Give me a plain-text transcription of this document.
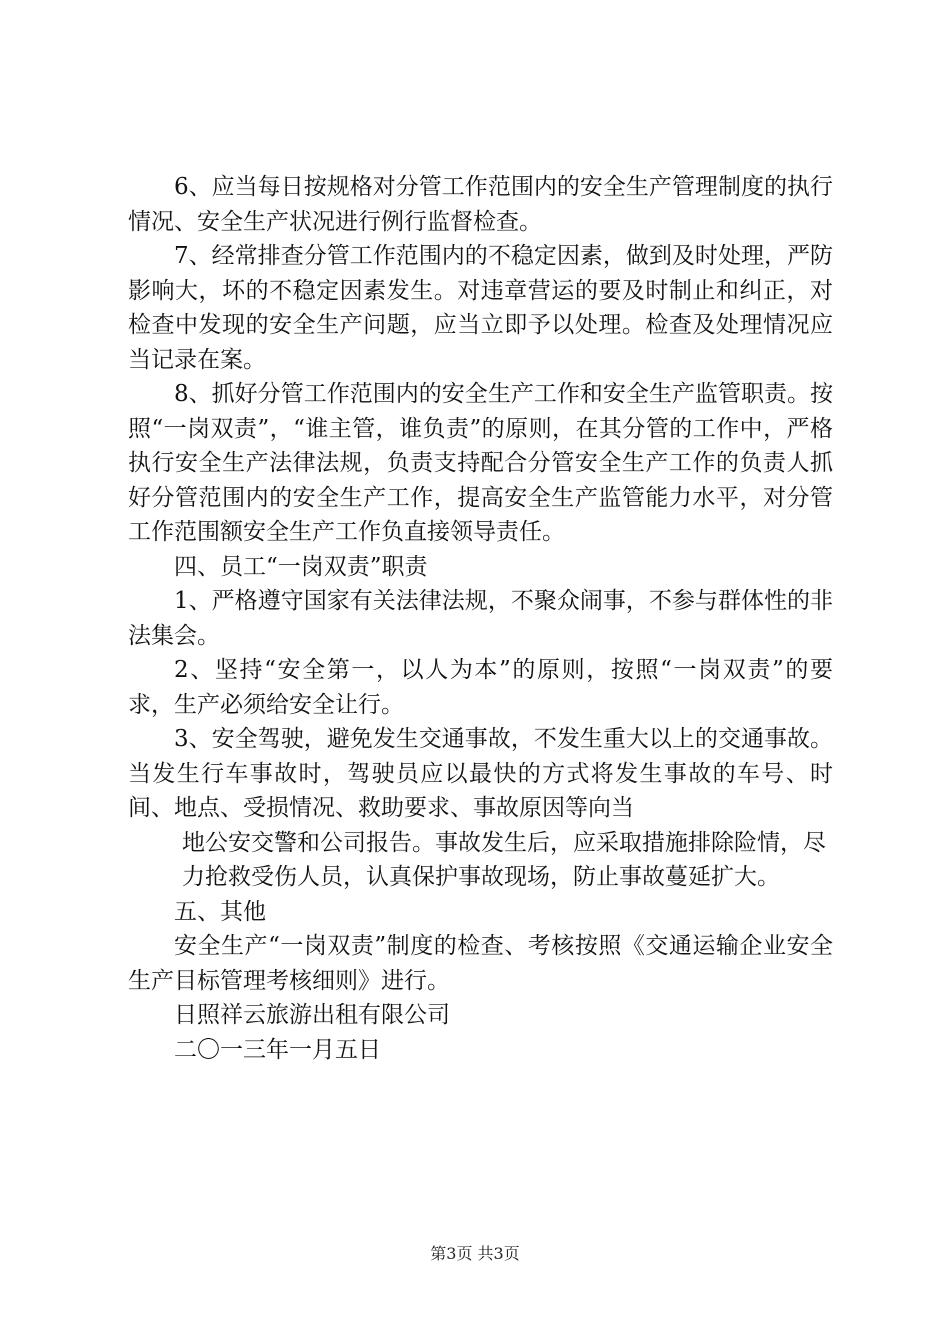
6、应当每日按规格对分管工作范围内的安全生产管理制度的执行情况、安全生产状况进行例行监督检查。

7、经常排查分管工作范围内的不稳定因素，做到及时处理，严防影响大，坏的不稳定因素发生。对违章营运的要及时制止和纠正，对检查中发现的安全生产问题，应当立即予以处理。检查及处理情况应当记录在案。

8、抓好分管工作范围内的安全生产工作和安全生产监管职责。按照“一岗双责”，“谁主管，谁负责”的原则，在其分管的工作中，严格执行安全生产法律法规，负责支持配合分管安全生产工作的负责人抓好分管范围内的安全生产工作，提高安全生产监管能力水平，对分管工作范围额安全生产工作负直接领导责任。

四、员工“一岗双责”职责

1、严格遵守国家有关法律法规，不聚众闹事，不参与群体性的非法集会。

2、坚持“安全第一，以人为本”的原则，按照“一岗双责”的要求，生产必须给安全让行。

3、安全驾驶，避免发生交通事故，不发生重大以上的交通事故。当发生行车事故时，驾驶员应以最快的方式将发生事故的车号、时间、地点、受损情况、救助要求、事故原因等向当

地公安交警和公司报告。事故发生后，应采取措施排除险情，尽力抢救受伤人员，认真保护事故现场，防止事故蔓延扩大。

五、其他

安全生产“一岗双责”制度的检查、考核按照《交通运输企业安全生产目标管理考核细则》进行。

日照祥云旅游出租有限公司

二〇一三年一月五日

第3页 共3页
